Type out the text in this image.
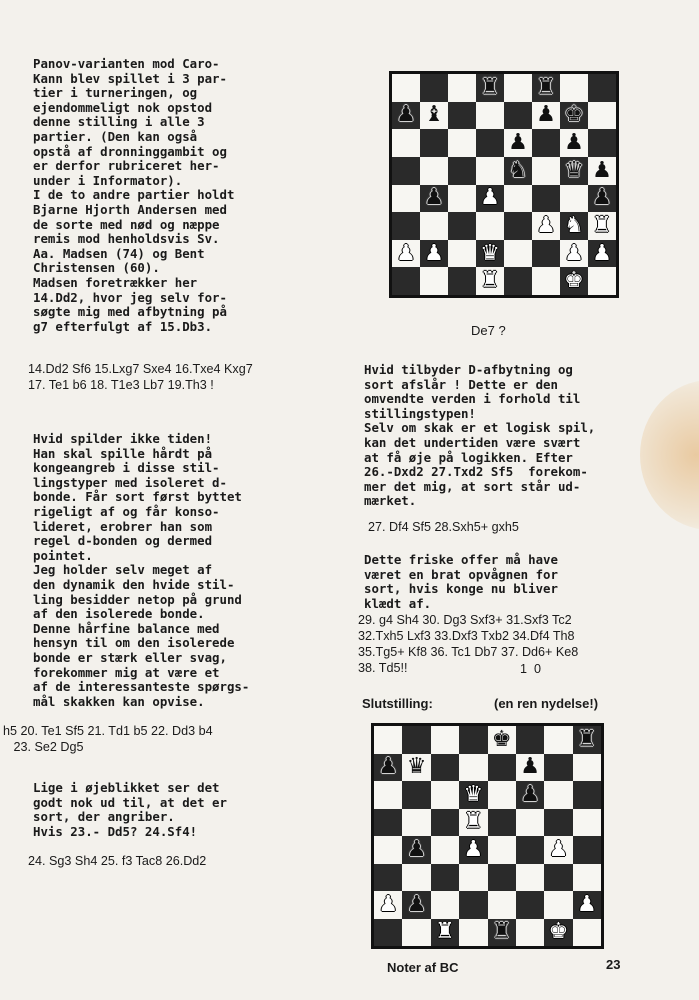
Panov-varianten mod Caro-
Kann blev spillet i 3 par-
tier i turneringen, og
ejendommeligt nok opstod
denne stilling i alle 3
partier. (Den kan også
opstå af dronninggambit og
er derfor rubriceret her-
under i Informator).
I de to andre partier holdt
Bjarne Hjorth Andersen med
de sorte med nød og næppe
remis mod henholdsvis Sv.
Aa. Madsen (74) og Bent
Christensen (60).
Madsen foretrækker her
14.Dd2, hvor jeg selv for-
søgte mig med afbytning på
g7 efterfulgt af 15.Db3.
14.Dd2 Sf6 15.Lxg7 Sxe4 16.Txe4 Kxg7
17. Te1 b6 18. T1e3 Lb7 19.Th3 !
Hvid spilder ikke tiden!
Han skal spille hårdt på
kongeangreb i disse stil-
lingstyper med isoleret d-
bonde. Får sort først byttet
rigeligt af og får konso-
lideret, erobrer han som
regel d-bonden og dermed
pointet.
Jeg holder selv meget af
den dynamik den hvide stil-
ling besidder netop på grund
af den isolerede bonde.
Denne hårfine balance med
hensyn til om den isolerede
bonde er stærk eller svag,
forekommer mig at være et
af de interessanteste spørgs-
mål skakken kan opvise.
h5 20. Te1 Sf5 21. Td1 b5 22. Dd3 b4
23. Se2 Dg5
Lige i øjeblikket ser det
godt nok ud til, at det er
sort, der angriber.
Hvis 23.- Dd5? 24.Sf4!
24. Sg3 Sh4 25. f3 Tac8 26.Dd2
♜ ♜
♟ ♝	♟ ♚
♟ ♟
♞ ♛ ♟
♟ ♟	♟
♟ ♞ ♜
♟ ♟ ♛	♟ ♟
♜	♚
De7 ?
Hvid tilbyder D-afbytning og
sort afslår ! Dette er den
omvendte verden i forhold til
stillingstypen!
Selv om skak er et logisk spil,
kan det undertiden være svært
at få øje på logikken. Efter
26.-Dxd2 27.Txd2 Sf5  forekom-
mer det mig, at sort står ud-
mærket.
27. Df4 Sf5 28.Sxh5+ gxh5
Dette friske offer må have
været en brat opvågnen for
sort, hvis konge nu bliver
klædt af.
29. g4 Sh4 30. Dg3 Sxf3+ 31.Sxf3 Tc2
32.Txh5 Lxf3 33.Dxf3 Txb2 34.Df4 Th8
35.Tg5+ Kf8 36. Tc1 Db7 37. Dd6+ Ke8
38. Td5!!	1  0
Slutstilling:	(en ren nydelse!)
♚	♜
♟ ♛	♟
♛ ♟
♜
♟ ♟	♟
♟ ♟	♟
♜ ♜ ♚
Noter af BC	23
